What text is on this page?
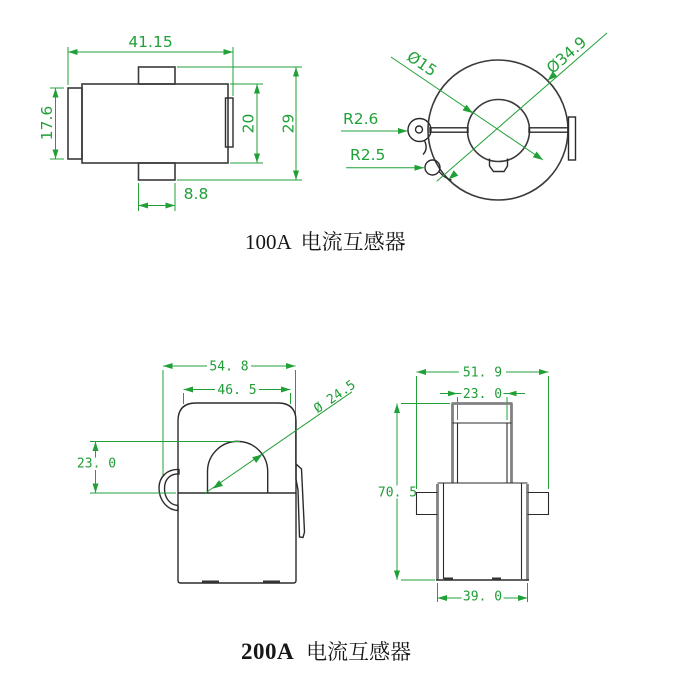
41.15
17.6	20 29
8.8
Ø34.9
Ø15
R2.6
R2.5
54. 8
46. 5
23. 0
Ø 24.5
51. 9
23. 0
70. 5
39. 0
100A 电流互感器
200A 电流互感器
